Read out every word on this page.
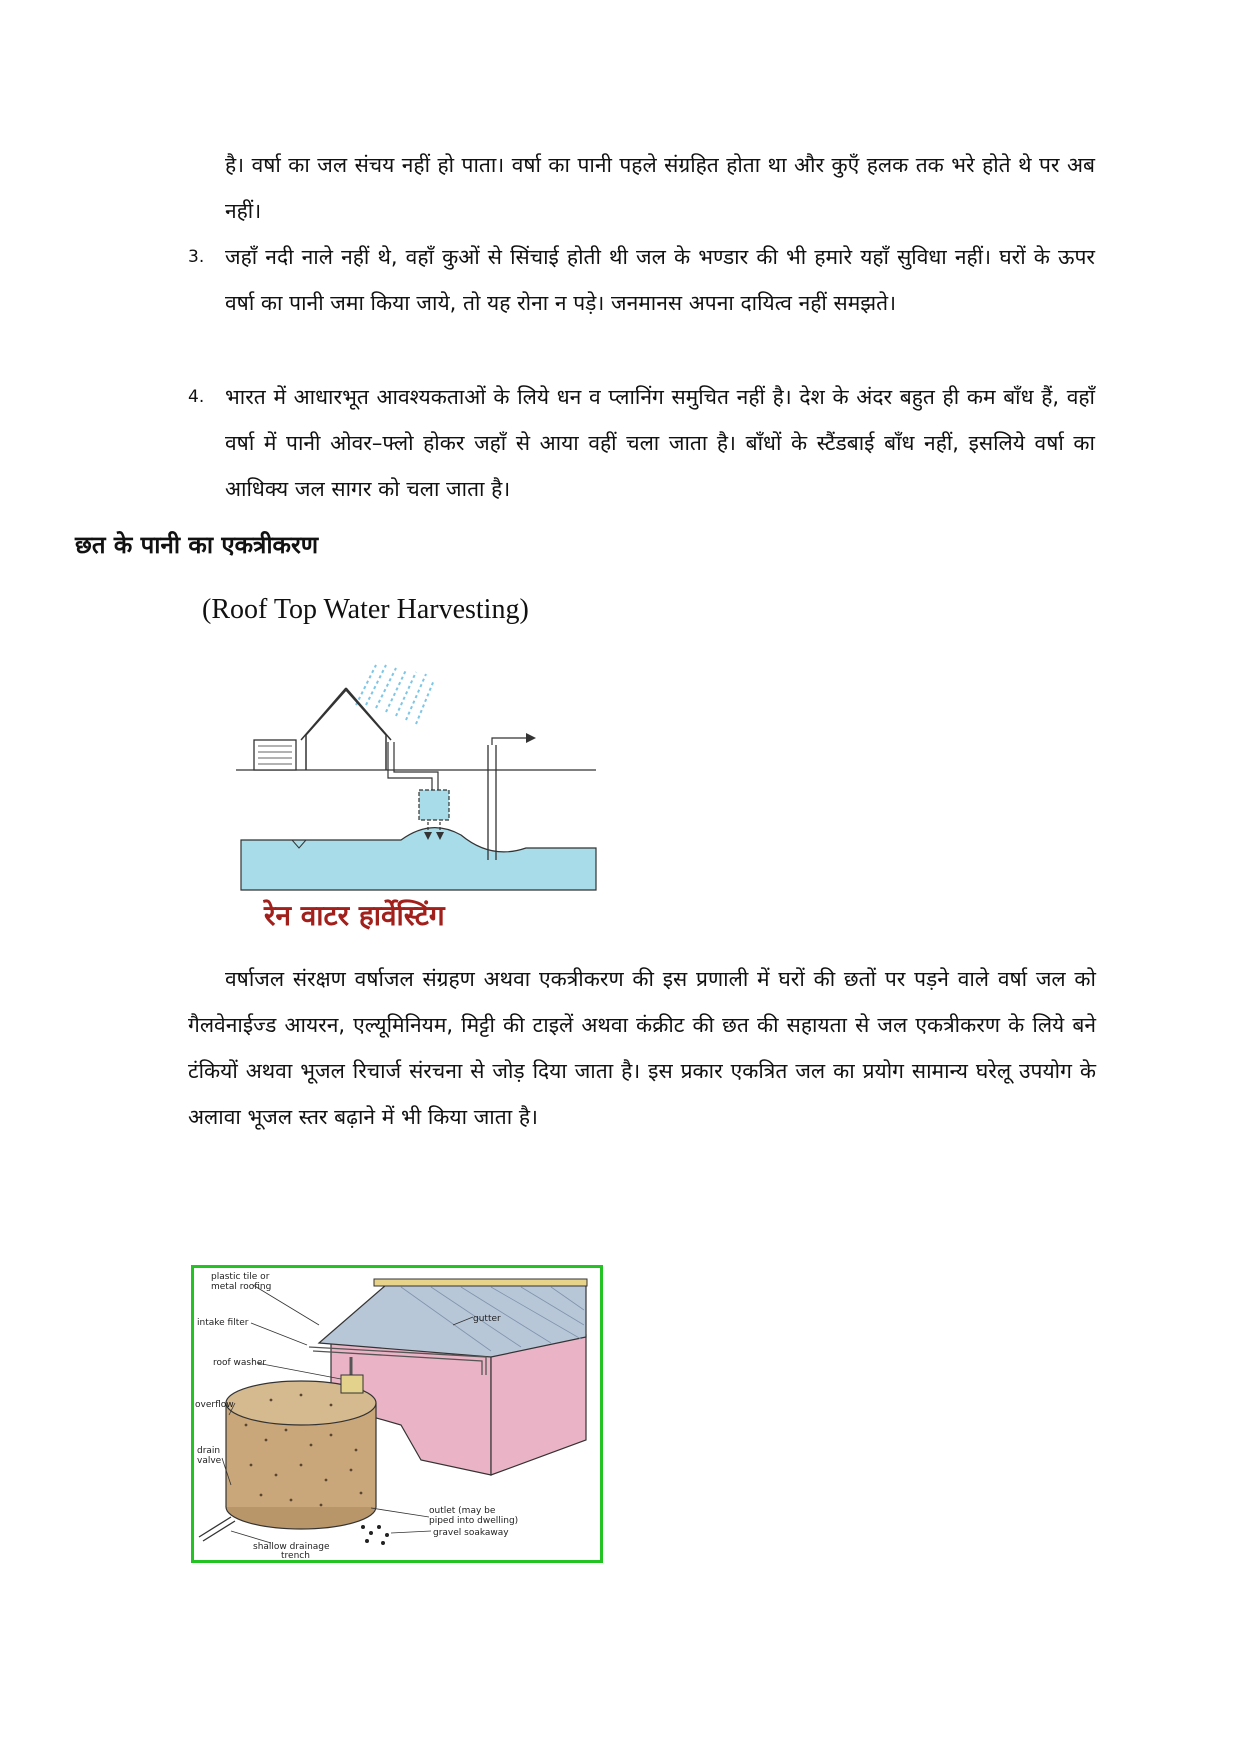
है। वर्षा का जल संचय नहीं हो पाता। वर्षा का पानी पहले संग्रहित होता था और कुएँ हलक तक भरे होते थे पर अब नहीं।
3. जहाँ नदी नाले नहीं थे, वहाँ कुओं से सिंचाई होती थी जल के भण्डार की भी हमारे यहाँ सुविधा नहीं। घरों के ऊपर वर्षा का पानी जमा किया जाये, तो यह रोना न पड़े। जनमानस अपना दायित्व नहीं समझते।
4. भारत में आधारभूत आवश्यकताओं के लिये धन व प्लानिंग समुचित नहीं है। देश के अंदर बहुत ही कम बाँध हैं, वहाँ वर्षा में पानी ओवर–फ्लो होकर जहाँ से आया वहीं चला जाता है। बाँधों के स्टैंडबाई बाँध नहीं, इसलिये वर्षा का आधिक्य जल सागर को चला जाता है।
छत के पानी का एकत्रीकरण
(Roof Top Water Harvesting)
रेन वाटर हार्वेस्टिंग
वर्षाजल संरक्षण वर्षाजल संग्रहण अथवा एकत्रीकरण की इस प्रणाली में घरों की छतों पर पड़ने वाले वर्षा जल को गैलवेनाईज्ड आयरन, एल्यूमिनियम, मिट्टी की टाइलें अथवा कंक्रीट की छत की सहायता से जल एकत्रीकरण के लिये बने टंकियों अथवा भूजल रिचार्ज संरचना से जोड़ दिया जाता है। इस प्रकार एकत्रित जल का प्रयोग सामान्य घरेलू उपयोग के अलावा भूजल स्तर बढ़ाने में भी किया जाता है।
plastic tile or
metal roofing
intake filter
roof washer
overflow
drain
valve
gutter
outlet (may be
piped into dwelling)
gravel soakaway
shallow drainage
trench
